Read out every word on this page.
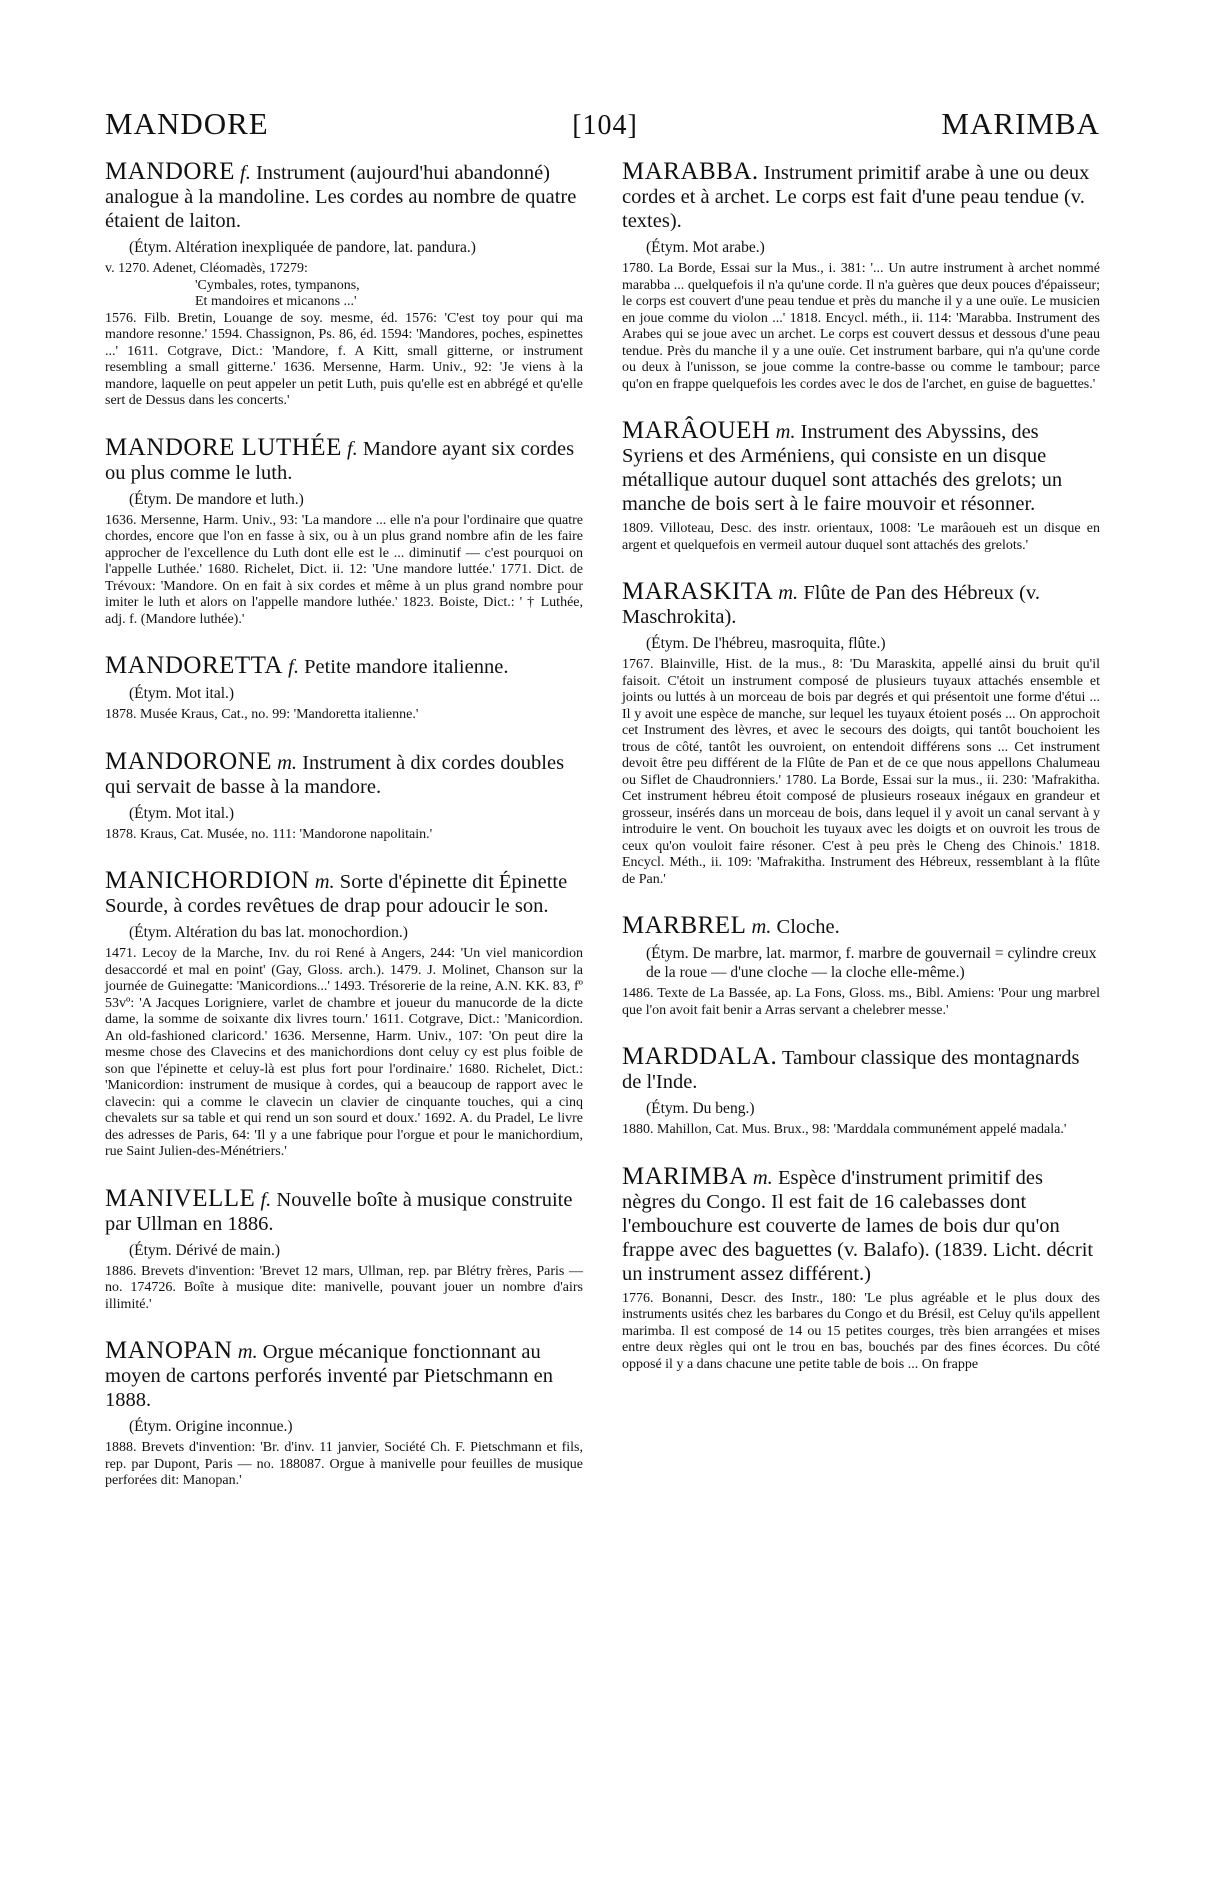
MANDORE	[104]	MARIMBA

MANDORE f. Instrument (aujourd'hui abandonné) analogue à la mandoline. Les cordes au nombre de quatre étaient de laiton.

(Étym. Altération inexpliquée de pandore, lat. pandura.)

v. 1270. Adenet, Cléomadès, 17279:

'Cymbales, rotes, tympanons,

Et mandoires et micanons ...'

1576. Filb. Bretin, Louange de soy. mesme, éd. 1576: 'C'est toy pour qui ma mandore resonne.' 1594. Chassignon, Ps. 86, éd. 1594: 'Mandores, poches, espinettes ...' 1611. Cotgrave, Dict.: 'Mandore, f. A Kitt, small gitterne, or instrument resembling a small gitterne.' 1636. Mersenne, Harm. Univ., 92: 'Je viens à la mandore, laquelle on peut appeler un petit Luth, puis qu'elle est en abbrégé et qu'elle sert de Dessus dans les concerts.'

MANDORE LUTHÉE f. Mandore ayant six cordes ou plus comme le luth.

(Étym. De mandore et luth.)

1636. Mersenne, Harm. Univ., 93: 'La mandore ... elle n'a pour l'ordinaire que quatre chordes, encore que l'on en fasse à six, ou à un plus grand nombre afin de les faire approcher de l'excellence du Luth dont elle est le ... diminutif — c'est pourquoi on l'appelle Luthée.' 1680. Richelet, Dict. ii. 12: 'Une mandore luttée.' 1771. Dict. de Trévoux: 'Mandore. On en fait à six cordes et même à un plus grand nombre pour imiter le luth et alors on l'appelle mandore luthée.' 1823. Boiste, Dict.: ' † Luthée, adj. f. (Mandore luthée).'

MANDORETTA f. Petite mandore italienne.

(Étym. Mot ital.)

1878. Musée Kraus, Cat., no. 99: 'Mandoretta italienne.'

MANDORONE m. Instrument à dix cordes doubles qui servait de basse à la mandore.

(Étym. Mot ital.)

1878. Kraus, Cat. Musée, no. 111: 'Mandorone napolitain.'

MANICHORDION m. Sorte d'épinette dit Épinette Sourde, à cordes revêtues de drap pour adoucir le son.

(Étym. Altération du bas lat. monochordion.)

1471. Lecoy de la Marche, Inv. du roi René à Angers, 244: 'Un viel manicordion desaccordé et mal en point' (Gay, Gloss. arch.). 1479. J. Molinet, Chanson sur la journée de Guinegatte: 'Manicordions...' 1493. Trésorerie de la reine, A.N. KK. 83, fº 53vº: 'A Jacques Lorigniere, varlet de chambre et joueur du manucorde de la dicte dame, la somme de soixante dix livres tourn.' 1611. Cotgrave, Dict.: 'Manicordion. An old-fashioned claricord.' 1636. Mersenne, Harm. Univ., 107: 'On peut dire la mesme chose des Clavecins et des manichordions dont celuy cy est plus foible de son que l'épinette et celuy-là est plus fort pour l'ordinaire.' 1680. Richelet, Dict.: 'Manicordion: instrument de musique à cordes, qui a beaucoup de rapport avec le clavecin: qui a comme le clavecin un clavier de cinquante touches, qui a cinq chevalets sur sa table et qui rend un son sourd et doux.' 1692. A. du Pradel, Le livre des adresses de Paris, 64: 'Il y a une fabrique pour l'orgue et pour le manichordium, rue Saint Julien-des-Ménétriers.'

MANIVELLE f. Nouvelle boîte à musique construite par Ullman en 1886.

(Étym. Dérivé de main.)

1886. Brevets d'invention: 'Brevet 12 mars, Ullman, rep. par Blétry frères, Paris — no. 174726. Boîte à musique dite: manivelle, pouvant jouer un nombre d'airs illimité.'

MANOPAN m. Orgue mécanique fonctionnant au moyen de cartons perforés inventé par Pietschmann en 1888.

(Étym. Origine inconnue.)

1888. Brevets d'invention: 'Br. d'inv. 11 janvier, Société Ch. F. Pietschmann et fils, rep. par Dupont, Paris — no. 188087. Orgue à manivelle pour feuilles de musique perforées dit: Manopan.'

MARABBA. Instrument primitif arabe à une ou deux cordes et à archet. Le corps est fait d'une peau tendue (v. textes).

(Étym. Mot arabe.)

1780. La Borde, Essai sur la Mus., i. 381: '... Un autre instrument à archet nommé marabba ... quelquefois il n'a qu'une corde. Il n'a guères que deux pouces d'épaisseur; le corps est couvert d'une peau tendue et près du manche il y a une ouïe. Le musicien en joue comme du violon ...' 1818. Encycl. méth., ii. 114: 'Marabba. Instrument des Arabes qui se joue avec un archet. Le corps est couvert dessus et dessous d'une peau tendue. Près du manche il y a une ouïe. Cet instrument barbare, qui n'a qu'une corde ou deux à l'unisson, se joue comme la contre-basse ou comme le tambour; parce qu'on en frappe quelquefois les cordes avec le dos de l'archet, en guise de baguettes.'

MARÂOUEH m. Instrument des Abyssins, des Syriens et des Arméniens, qui consiste en un disque métallique autour duquel sont attachés des grelots; un manche de bois sert à le faire mouvoir et résonner.

1809. Villoteau, Desc. des instr. orientaux, 1008: 'Le marâoueh est un disque en argent et quelquefois en vermeil autour duquel sont attachés des grelots.'

MARASKITA m. Flûte de Pan des Hébreux (v. Maschrokita).

(Étym. De l'hébreu, masroquita, flûte.)

1767. Blainville, Hist. de la mus., 8: 'Du Maraskita, appellé ainsi du bruit qu'il faisoit. C'étoit un instrument composé de plusieurs tuyaux attachés ensemble et joints ou luttés à un morceau de bois par degrés et qui présentoit une forme d'étui ... Il y avoit une espèce de manche, sur lequel les tuyaux étoient posés ... On approchoit cet Instrument des lèvres, et avec le secours des doigts, qui tantôt bouchoient les trous de côté, tantôt les ouvroient, on entendoit différens sons ... Cet instrument devoit être peu différent de la Flûte de Pan et de ce que nous appellons Chalumeau ou Siflet de Chaudronniers.' 1780. La Borde, Essai sur la mus., ii. 230: 'Mafrakitha. Cet instrument hébreu étoit composé de plusieurs roseaux inégaux en grandeur et grosseur, insérés dans un morceau de bois, dans lequel il y avoit un canal servant à y introduire le vent. On bouchoit les tuyaux avec les doigts et on ouvroit les trous de ceux qu'on vouloit faire résoner. C'est à peu près le Cheng des Chinois.' 1818. Encycl. Méth., ii. 109: 'Mafrakitha. Instrument des Hébreux, ressemblant à la flûte de Pan.'

MARBREL m. Cloche.

(Étym. De marbre, lat. marmor, f. marbre de gouvernail = cylindre creux de la roue — d'une cloche — la cloche elle-même.)

1486. Texte de La Bassée, ap. La Fons, Gloss. ms., Bibl. Amiens: 'Pour ung marbrel que l'on avoit fait benir a Arras servant a chelebrer messe.'

MARDDALA. Tambour classique des montagnards de l'Inde.

(Étym. Du beng.)

1880. Mahillon, Cat. Mus. Brux., 98: 'Marddala communément appelé madala.'

MARIMBA m. Espèce d'instrument primitif des nègres du Congo. Il est fait de 16 calebasses dont l'embouchure est couverte de lames de bois dur qu'on frappe avec des baguettes (v. Balafo). (1839. Licht. décrit un instrument assez différent.)

1776. Bonanni, Descr. des Instr., 180: 'Le plus agréable et le plus doux des instruments usités chez les barbares du Congo et du Brésil, est Celuy qu'ils appellent marimba. Il est composé de 14 ou 15 petites courges, très bien arrangées et mises entre deux règles qui ont le trou en bas, bouchés par des fines écorces. Du côté opposé il y a dans chacune une petite table de bois ... On frappe
